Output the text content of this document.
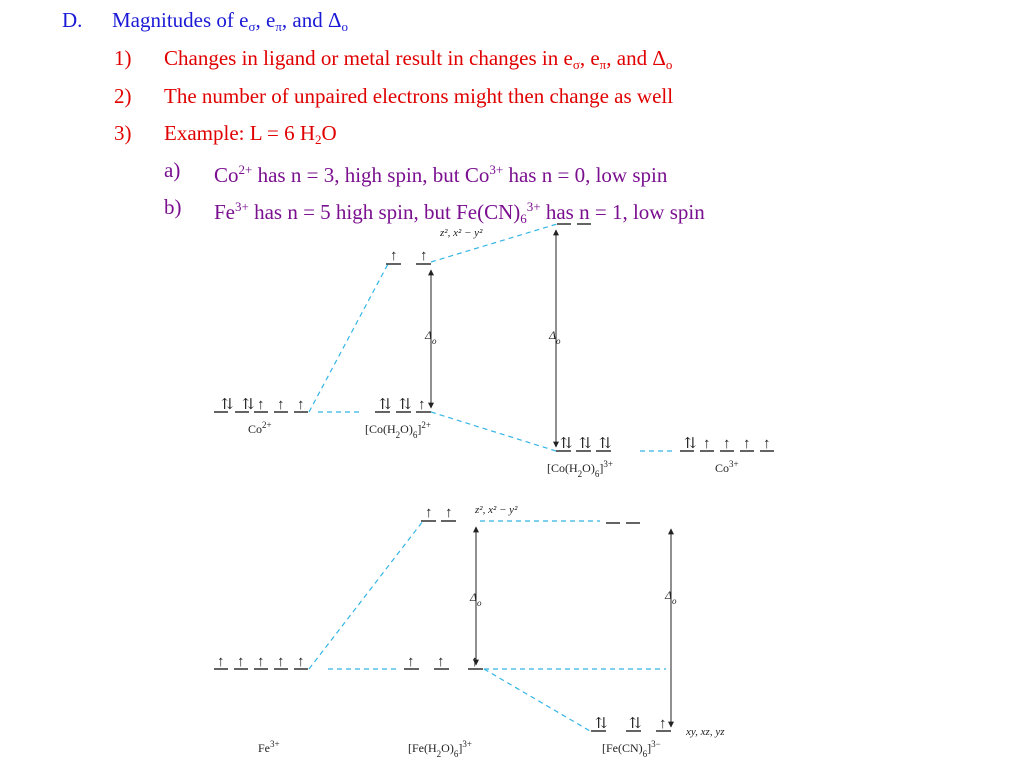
D. Magnitudes of $e_\sigma$, $e_\pi$, and $\Delta_o$
1) Changes in ligand or metal result in changes in $e_\sigma$, $e_\pi$, and $\Delta_o$
2) The number of unpaired electrons might then change as well
3) Example: L = 6 $H_2O$
a) $Co^{2+}$ has n = 3, high spin, but $Co^{3+}$ has n = 0, low spin
b) $Fe^{3+}$ has n = 5 high spin, but $Fe(CN)_6^{3+}$ has n = 1, low spin
⇅ ⇅ ↑ ↑ ↑
$Co^{2+}$
↑ ↑
⇅ ⇅ ↑
$[Co(H_2O)_6]^{2+}$
$\Delta_o$
z², x² − y²
⇅ ⇅ ⇅
$[Co(H_2O)_6]^{3+}$
$\Delta_o$
⇅ ↑ ↑ ↑ ↑
$Co^{3+}$
↑ ↑ ↑ ↑ ↑
$Fe^{3+}$
↑ ↑ z², x² − y²
↑ ↑ ↑
$[Fe(H_2O)_6]^{3+}$
$\Delta_o$
⇅ ⇅ ↑ xy, xz, yz
$[Fe(CN)_6]^{3-}$
$\Delta_o$
